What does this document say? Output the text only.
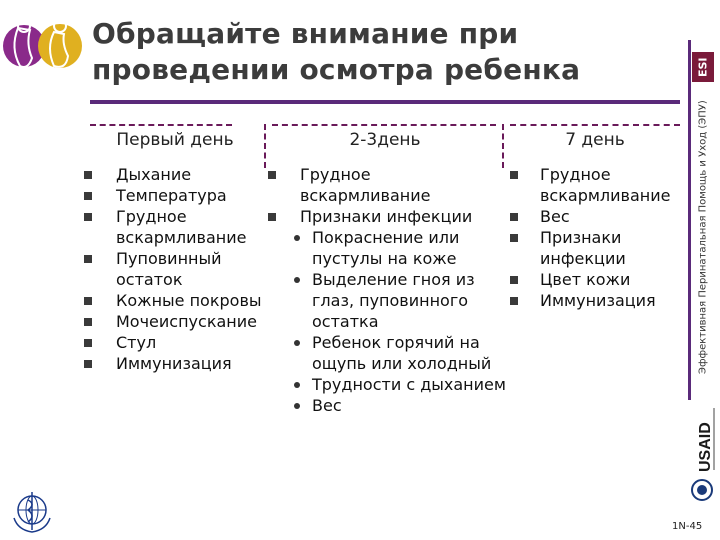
Обращайте внимание при проведении осмотра ребенка	ESI
Эффективная Перинатальная Помощь и Уход (ЭПУ)
USAID
1N-45
Первый день	2-3день	7 день
Дыхание
Температура
Грудное вскармливание
Пуповинный остаток
Кожные покровы
Мочеиспускание
Стул
Иммунизация
Грудное вскармливание
Признаки инфекции
Покраснение или пустулы на коже
Выделение гноя из глаз, пуповинного остатка
Ребенок горячий на ощупь или холодный
Трудности с дыханием
Вес
Грудное вскармливание
Вес
Признаки инфекции
Цвет кожи
Иммунизация
